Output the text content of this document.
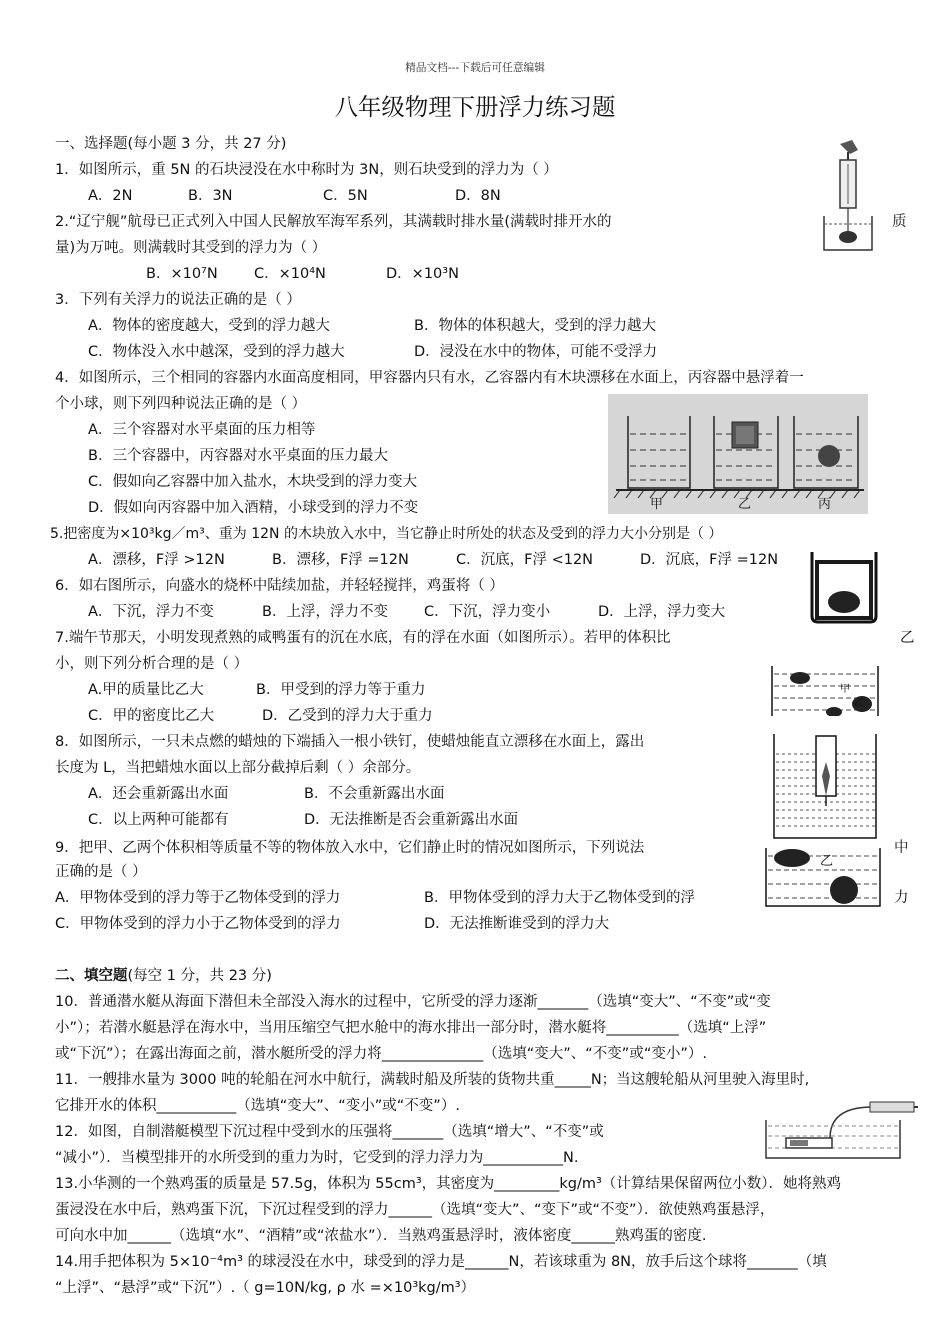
精品文档---下载后可任意编辑
八年级物理下册浮力练习题
一、选择题(每小题 3 分，共 27 分)
1．如图所示，重 5N 的石块浸没在水中称时为 3N，则石块受到的浮力为（ ）
A．2N	B．3N	C．5N	D．8N
2.“辽宁舰”航母已正式列入中国人民解放军海军系列，其满载时排水量(满载时排开水的	质
量)为万吨。则满载时其受到的浮力为（ ）
B．×10⁷N	C．×10⁴N	D．×10³N
3．下列有关浮力的说法正确的是（ ）
A．物体的密度越大，受到的浮力越大	B．物体的体积越大，受到的浮力越大
C．物体没入水中越深，受到的浮力越大	D．浸没在水中的物体，可能不受浮力
4．如图所示，三个相同的容器内水面高度相同，甲容器内只有水，乙容器内有木块漂移在水面上，丙容器中悬浮着一
个小球，则下列四种说法正确的是（ ）
A．三个容器对水平桌面的压力相等
B．三个容器中，丙容器对水平桌面的压力最大
C．假如向乙容器中加入盐水，木块受到的浮力变大
D．假如向丙容器中加入酒精，小球受到的浮力不变	甲	乙	丙
5.把密度为×10³kg／m³、重为 12N 的木块放入水中，当它静止时所处的状态及受到的浮力大小分别是（ ）
A．漂移，F浮 >12N	B．漂移，F浮 =12N	C．沉底，F浮 <12N	D．沉底，F浮 =12N
6．如右图所示，向盛水的烧杯中陆续加盐，并轻轻搅拌，鸡蛋将（ ）
A．下沉，浮力不变	B．上浮，浮力不变 C．下沉，浮力变小	D．上浮，浮力变大
7.端午节那天，小明发现煮熟的咸鸭蛋有的沉在水底，有的浮在水面（如图所示）。若甲的体积比	乙
小，则下列分析合理的是（ ）
A.甲的质量比乙大	B．甲受到的浮力等于重力
C．甲的密度比乙大	D．乙受到的浮力大于重力
甲
乙
8．如图所示，一只未点燃的蜡烛的下端插入一根小铁钉，使蜡烛能直立漂移在水面上，露出
长度为 L，当把蜡烛水面以上部分截掉后剩（ ）余部分。
A．还会重新露出水面	B．不会重新露出水面
C．以上两种可能都有	D．无法推断是否会重新露出水面
9．把甲、乙两个体积相等质量不等的物体放入水中，它们静止时的情况如图所示，下列说法	中
正确的是（ ）
A．甲物体受到的浮力等于乙物体受到的浮力	B．甲物体受到的浮力大于乙物体受到的浮	力
C．甲物体受到的浮力小于乙物体受到的浮力	D．无法推断谁受到的浮力大
乙
二、填空题(每空 1 分，共 23 分)
10．普通潜水艇从海面下潜但未全部没入海水的过程中，它所受的浮力逐渐_______（选填“变大”、“不变”或“变
小”）；若潜水艇悬浮在海水中，当用压缩空气把水舱中的海水排出一部分时，潜水艇将__________（选填“上浮”
或“下沉”）；在露出海面之前，潜水艇所受的浮力将______________（选填“变大”、“不变”或“变小”）.
11．一艘排水量为 3000 吨的轮船在河水中航行，满载时船及所装的货物共重_____N；当这艘轮船从河里驶入海里时,
它排开水的体积___________（选填“变大”、“变小”或“不变”）.
12．如图，自制潜艇模型下沉过程中受到水的压强将_______（选填“增大”、“不变”或
“减小”）．当模型排开的水所受到的重力为时，它受到的浮力浮力为___________N.
13.小华测的一个熟鸡蛋的质量是 57.5g，体积为 55cm³，其密度为_________kg/m³（计算结果保留两位小数）．她将熟鸡
蛋浸没在水中后，熟鸡蛋下沉，下沉过程受到的浮力______（选填“变大”、“变下”或“不变”）．欲使熟鸡蛋悬浮，
可向水中加______（选填“水”、“酒精”或“浓盐水”）．当熟鸡蛋悬浮时，液体密度______熟鸡蛋的密度.
14.用手把体积为 5×10⁻⁴m³ 的球浸没在水中，球受到的浮力是______N，若该球重为 8N，放手后这个球将_______（填
“上浮”、“悬浮”或“下沉”）.（ g=10N/kg, ρ 水 =×10³kg/m³）
